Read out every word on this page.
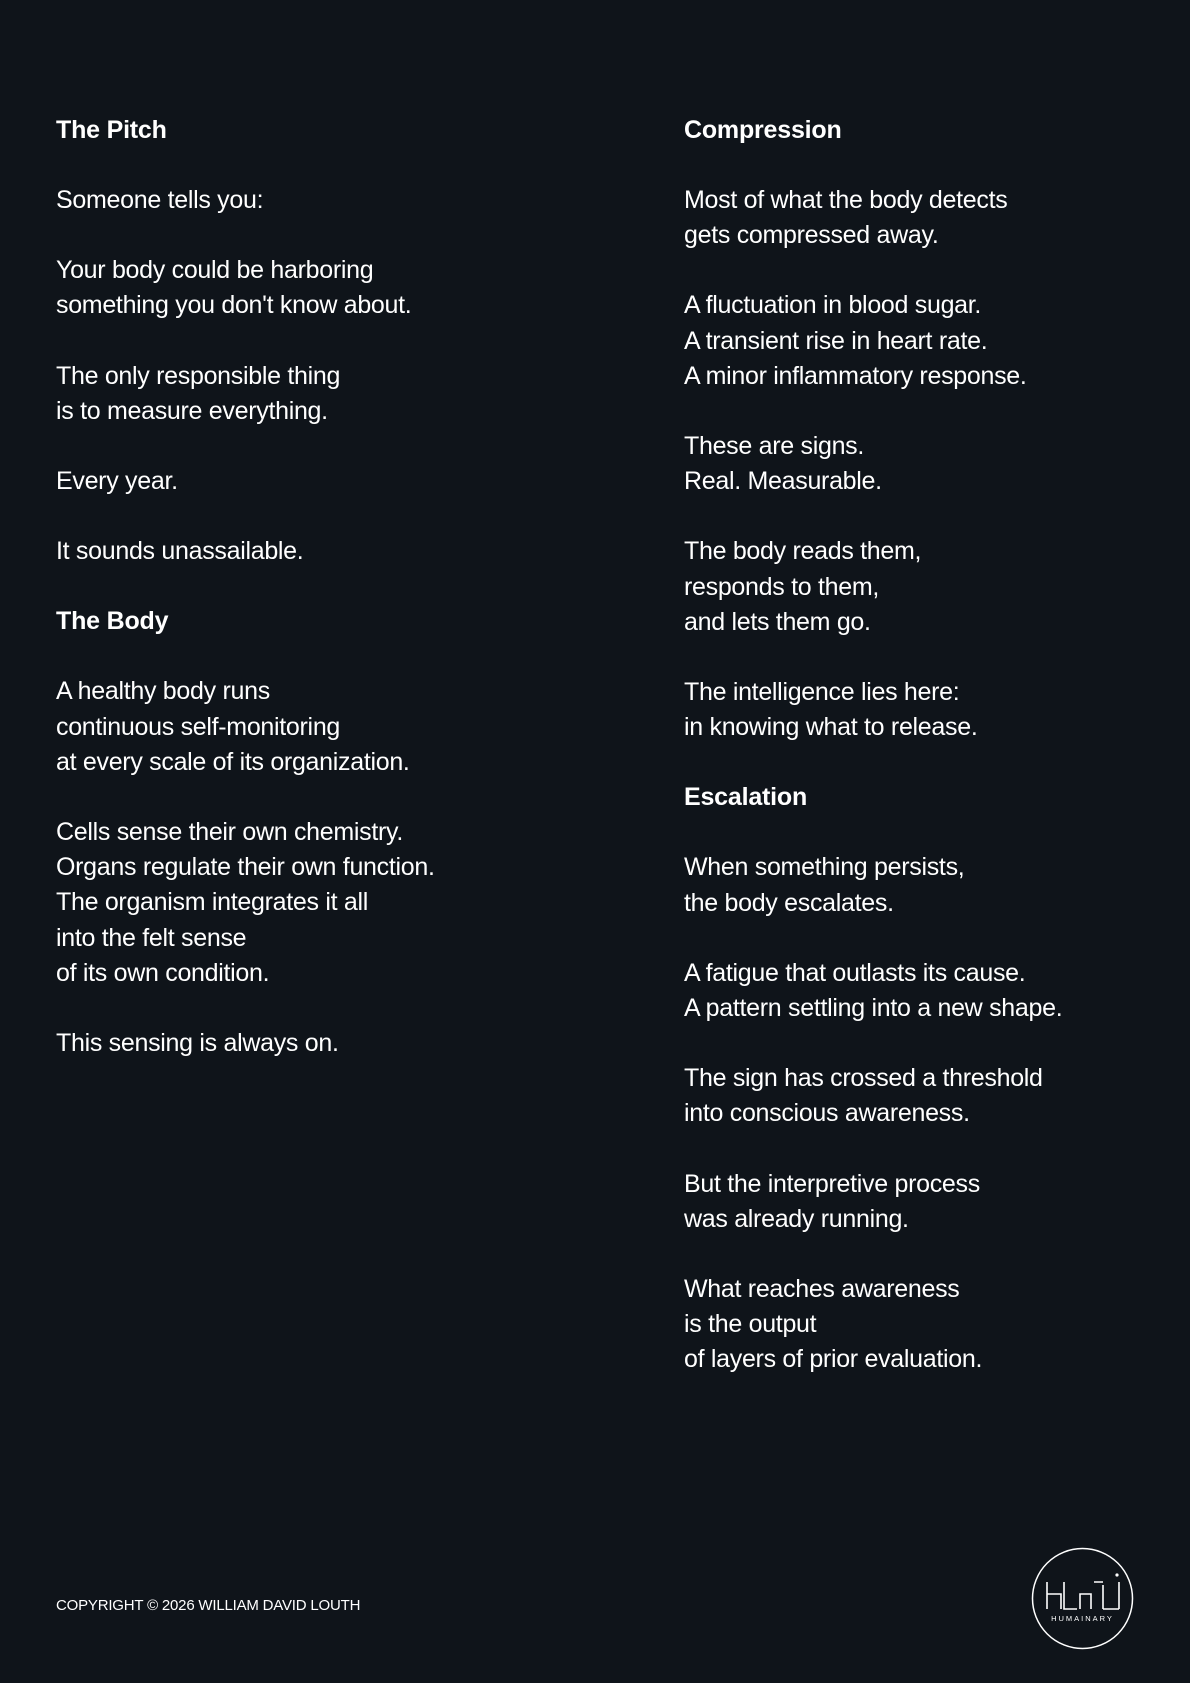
The Pitch
Someone tells you:
Your body could be harboring
something you don't know about.
The only responsible thing
is to measure everything.
Every year.
It sounds unassailable.
The Body
A healthy body runs
continuous self-monitoring
at every scale of its organization.
Cells sense their own chemistry.
Organs regulate their own function.
The organism integrates it all
into the felt sense
of its own condition.
This sensing is always on.
Compression
Most of what the body detects
gets compressed away.
A fluctuation in blood sugar.
A transient rise in heart rate.
A minor inflammatory response.
These are signs.
Real. Measurable.
The body reads them,
responds to them,
and lets them go.
The intelligence lies here:
in knowing what to release.
Escalation
When something persists,
the body escalates.
A fatigue that outlasts its cause.
A pattern settling into a new shape.
The sign has crossed a threshold
into conscious awareness.
But the interpretive process
was already running.
What reaches awareness
is the output
of layers of prior evaluation.
COPYRIGHT © 2026 WILLIAM DAVID LOUTH
HUMAINARY
